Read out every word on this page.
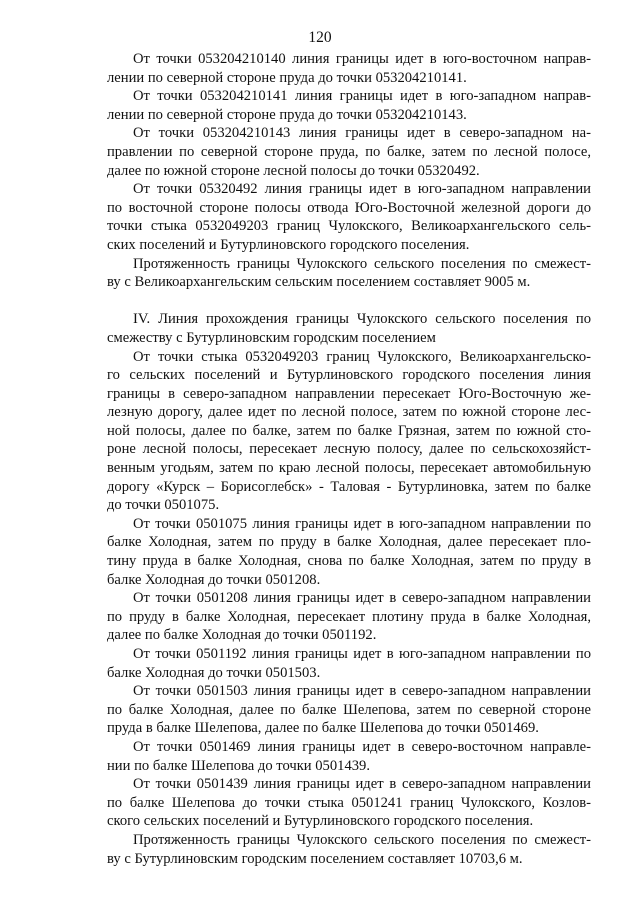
120
От точки 053204210140 линия границы идет в юго-восточном направ-
лении по северной стороне пруда до точки 053204210141.
От точки 053204210141 линия границы идет в юго-западном направ-
лении по северной стороне пруда до точки 053204210143.
От точки 053204210143 линия границы идет в северо-западном на-
правлении по северной стороне пруда, по балке, затем по лесной полосе,
далее по южной стороне лесной полосы до точки 05320492.
От точки 05320492 линия границы идет в юго-западном направлении
по восточной стороне полосы отвода Юго-Восточной железной дороги до
точки стыка 0532049203 границ Чулокского, Великоархангельского сель-
ских поселений и Бутурлиновского городского поселения.
Протяженность границы Чулокского сельского поселения по смежест-
ву с Великоархангельским сельским поселением составляет 9005 м.
IV. Линия прохождения границы Чулокского сельского поселения по
смежеству с Бутурлиновским городским поселением
От точки стыка 0532049203 границ Чулокского, Великоархангельско-
го сельских поселений и Бутурлиновского городского поселения линия
границы в северо-западном направлении пересекает Юго-Восточную же-
лезную дорогу, далее идет по лесной полосе, затем по южной стороне лес-
ной полосы, далее по балке, затем по балке Грязная, затем по южной сто-
роне лесной полосы, пересекает лесную полосу, далее по сельскохозяйст-
венным угодьям, затем по краю лесной полосы, пересекает автомобильную
дорогу «Курск – Борисоглебск» - Таловая - Бутурлиновка, затем по балке
до точки 0501075.
От точки 0501075 линия границы идет в юго-западном направлении по
балке Холодная, затем по пруду в балке Холодная, далее пересекает пло-
тину пруда в балке Холодная, снова по балке Холодная, затем по пруду в
балке Холодная до точки 0501208.
От точки 0501208 линия границы идет в северо-западном направлении
по пруду в балке Холодная, пересекает плотину пруда в балке Холодная,
далее по балке Холодная до точки 0501192.
От точки 0501192 линия границы идет в юго-западном направлении по
балке Холодная до точки 0501503.
От точки 0501503 линия границы идет в северо-западном направлении
по балке Холодная, далее по балке Шелепова, затем по северной стороне
пруда в балке Шелепова, далее по балке Шелепова до точки 0501469.
От точки 0501469 линия границы идет в северо-восточном направле-
нии по балке Шелепова до точки 0501439.
От точки 0501439 линия границы идет в северо-западном направлении
по балке Шелепова до точки стыка 0501241 границ Чулокского, Козлов-
ского сельских поселений и Бутурлиновского городского поселения.
Протяженность границы Чулокского сельского поселения по смежест-
ву с Бутурлиновским городским поселением составляет 10703,6 м.
